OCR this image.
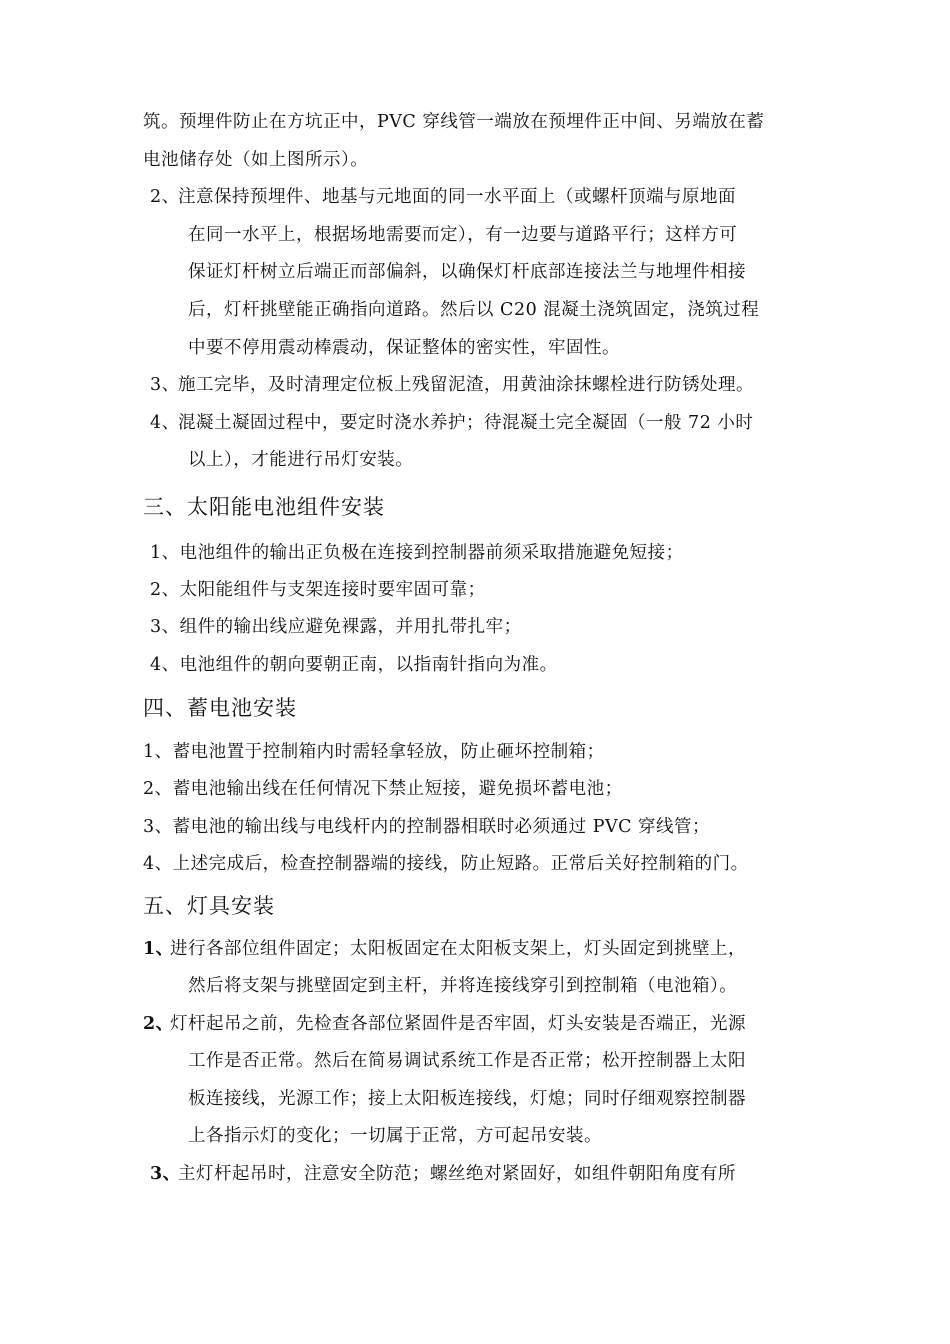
筑。预埋件防止在方坑正中，PVC 穿线管一端放在预埋件正中间、另端放在蓄
电池储存处（如上图所示）。
2、
注意保持预埋件、地基与元地面的同一水平面上（或螺杆顶端与原地面
在同一水平上，根据场地需要而定），有一边要与道路平行；这样方可
保证灯杆树立后端正而部偏斜，以确保灯杆底部连接法兰与地埋件相接
后，灯杆挑壁能正确指向道路。然后以 C20 混凝土浇筑固定，浇筑过程
中要不停用震动棒震动，保证整体的密实性，牢固性。
3、
施工完毕，及时清理定位板上残留泥渣，用黄油涂抹螺栓进行防锈处理。
4、
混凝土凝固过程中，要定时浇水养护；待混凝土完全凝固（一般 72 小时
以上），才能进行吊灯安装。
三、太阳能电池组件安装
1、电池组件的输出正负极在连接到控制器前须采取措施避免短接；
2、太阳能组件与支架连接时要牢固可靠；
3、组件的输出线应避免裸露，并用扎带扎牢；
4、电池组件的朝向要朝正南，以指南针指向为准。
四、蓄电池安装
1、蓄电池置于控制箱内时需轻拿轻放，防止砸坏控制箱；
2、蓄电池输出线在任何情况下禁止短接，避免损坏蓄电池；
3、蓄电池的输出线与电线杆内的控制器相联时必须通过 PVC 穿线管；
4、上述完成后，检查控制器端的接线，防止短路。正常后关好控制箱的门。
五、灯具安装
1、
进行各部位组件固定；太阳板固定在太阳板支架上，灯头固定到挑壁上，
然后将支架与挑壁固定到主杆，并将连接线穿引到控制箱（电池箱）。
2、
灯杆起吊之前，先检查各部位紧固件是否牢固，灯头安装是否端正，光源
工作是否正常。然后在简易调试系统工作是否正常；松开控制器上太阳
板连接线，光源工作；接上太阳板连接线，灯熄；同时仔细观察控制器
上各指示灯的变化；一切属于正常，方可起吊安装。
3、
主灯杆起吊时，注意安全防范；螺丝绝对紧固好，如组件朝阳角度有所
